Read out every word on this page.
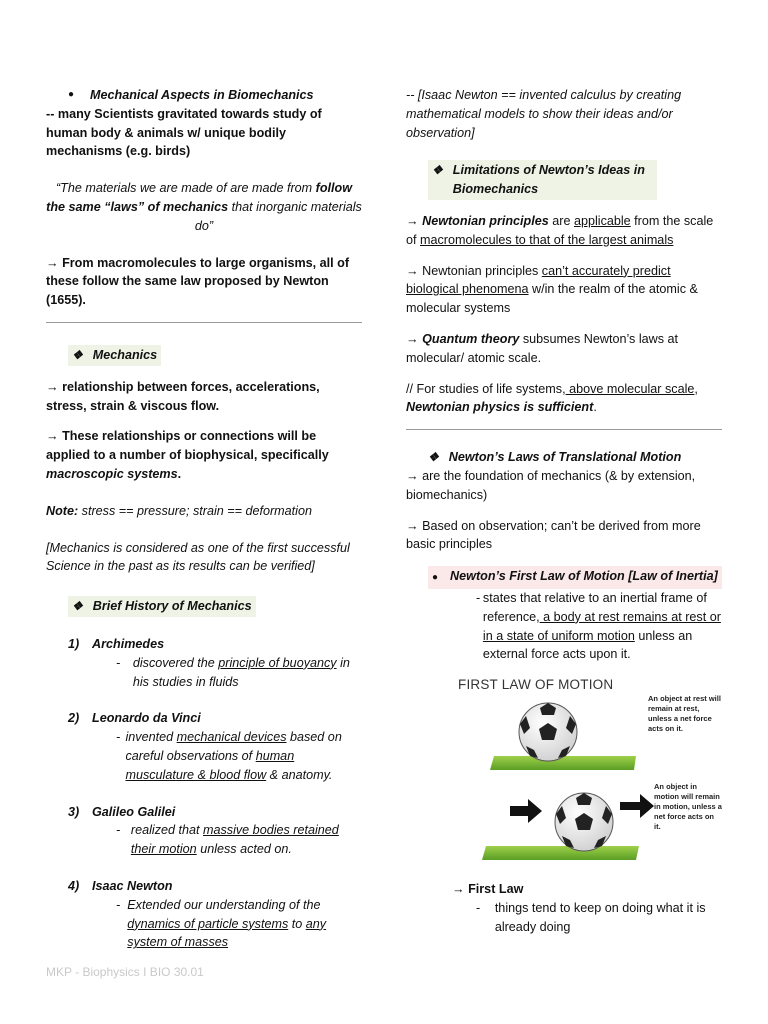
● Mechanical Aspects in Biomechanics

-- many Scientists gravitated towards study of human body & animals w/ unique bodily mechanisms (e.g. birds)

“The materials we are made of are made from follow the same “laws” of mechanics that inorganic materials do”

→ From macromolecules to large organisms, all of these follow the same law proposed by Newton (1655).

❖ Mechanics

→ relationship between forces, accelerations, stress, strain & viscous flow.

→ These relationships or connections will be applied to a number of biophysical, specifically macroscopic systems.

Note: stress == pressure; strain == deformation

[Mechanics is considered as one of the first successful Science in the past as its results can be verified]

❖ Brief History of Mechanics

1) Archimedes

-	discovered the principle of buoyancy in his studies in fluids

2) Leonardo da Vinci

- invented mechanical devices based on careful observations of human musculature & blood flow & anatomy.

3) Galileo Galilei

- realized that massive bodies retained their motion unless acted on.

4) Isaac Newton

- Extended our understanding of the dynamics of particle systems to any system of masses

-- [Isaac Newton == invented calculus by creating mathematical models to show their ideas and/or observation]

❖ Limitations of Newton’s Ideas in Biomechanics

→ Newtonian principles are applicable from the scale of macromolecules to that of the largest animals

→ Newtonian principles can’t accurately predict biological phenomena w/in the realm of the atomic & molecular systems

→ Quantum theory subsumes Newton’s laws at molecular/ atomic scale.

// For studies of life systems, above molecular scale, Newtonian physics is sufficient.

❖ Newton’s Laws of Translational Motion

→ are the foundation of mechanics (& by extension, biomechanics)

→ Based on observation; can’t be derived from more basic principles

● Newton’s First Law of Motion [Law of Inertia]
- states that relative to an inertial frame of reference, a body at rest remains at rest or in a state of uniform motion unless an external force acts upon it.
FIRST LAW OF MOTION
An object at rest will remain at rest, unless a net force acts on it.
An object in motion will remain in motion, unless a net force acts on it.

→ First Law

-	things tend to keep on doing what it is already doing
MKP - Biophysics I BIO 30.01
